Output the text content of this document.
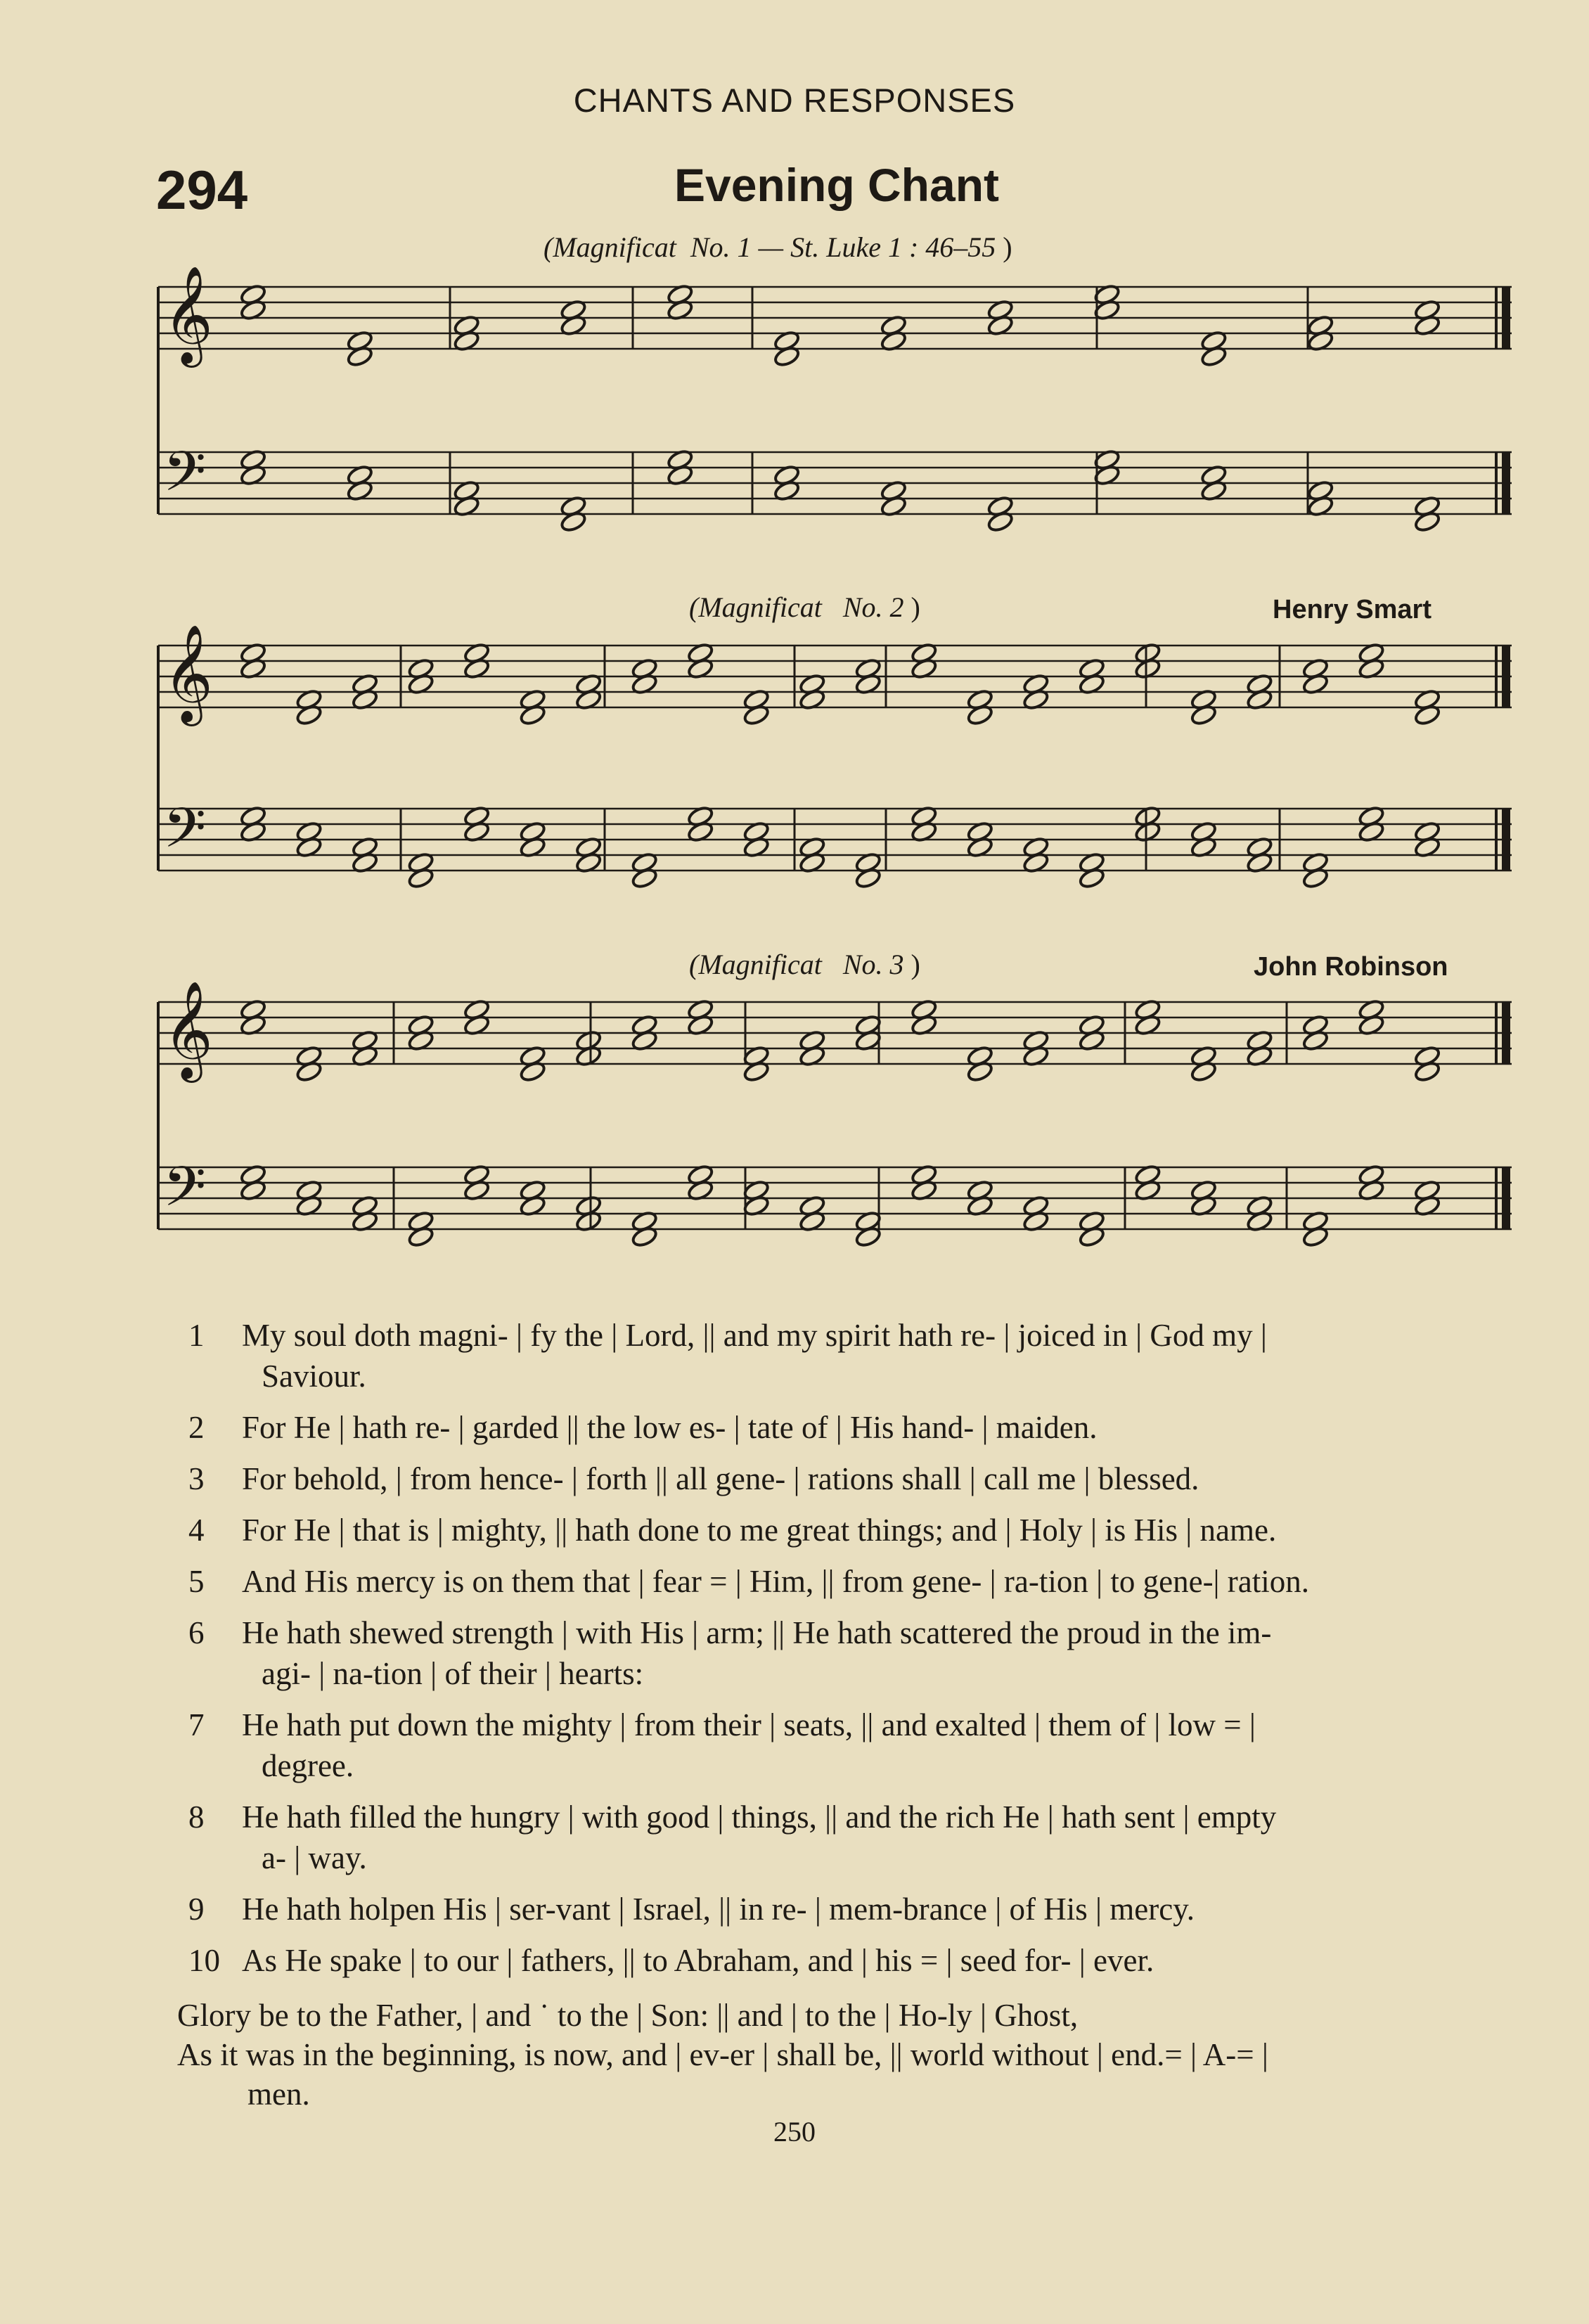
CHANTS AND RESPONSES
294	Evening Chant
(Magnificat No. 1 — St. Luke 1 : 46–55 )
(Magnificat No. 2 )	Henry Smart
(Magnificat No. 3 )	John Robinson
𝄞
𝄢
𝄞
𝄢
𝄞
𝄢
1	My soul doth magni- | fy the | Lord, || and my spirit hath re- | joiced in | God my |
Saviour.
2	For He | hath re- | garded || the low es- | tate of | His hand- | maiden.
3	For behold, | from hence- | forth || all gene- | rations shall | call me | blessed.
4	For He | that is | mighty, || hath done to me great things; and | Holy | is His | name.
5	And His mercy is on them that | fear = | Him, || from gene- | ra-tion | to gene-| ration.
6	He hath shewed strength | with His | arm; || He hath scattered the proud in the im-
agi- | na-tion | of their | hearts:
7	He hath put down the mighty | from their | seats, || and exalted | them of | low = |
degree.
8	He hath filled the hungry | with good | things, || and the rich He | hath sent | empty
a- | way.
9	He hath holpen His | ser-vant | Israel, || in re- | mem-brance | of His | mercy.
10 As He spake | to our | fathers, || to Abraham, and | his = | seed for- | ever.
Glory be to the Father, | and ˙ to the | Son: || and | to the | Ho-ly | Ghost,
As it was in the beginning, is now, and | ev-er | shall be, || world without | end.= | A-= |
men.
250
